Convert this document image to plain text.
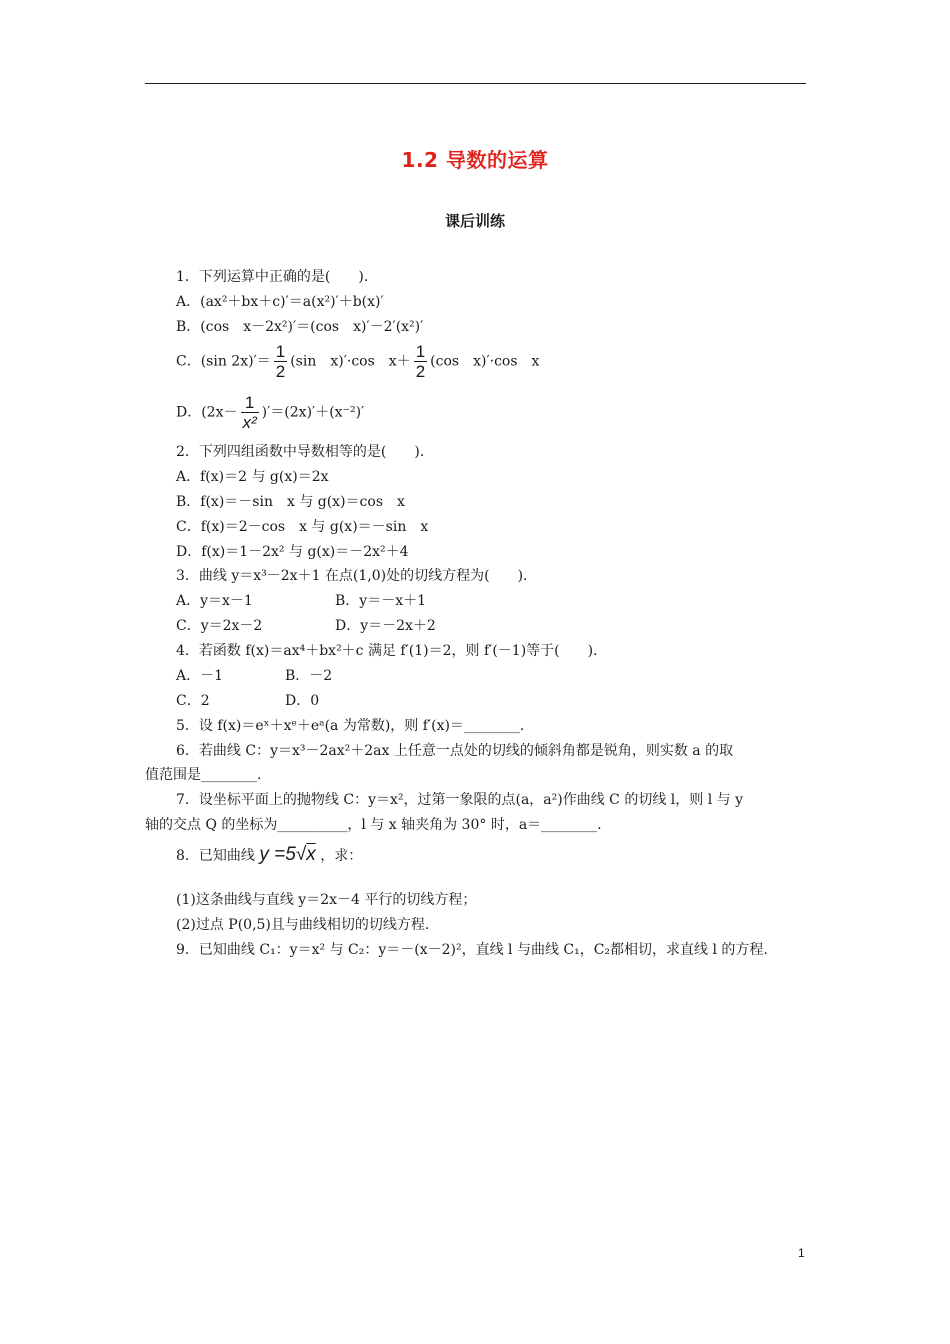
1.2 导数的运算
课后训练
1．下列运算中正确的是(　　)．
A．(ax²＋bx＋c)′＝a(x²)′＋b(x)′
B．(cos　x－2x²)′＝(cos　x)′－2′(x²)′
C．(sin $2x)'= \frac{1}{2} (\sin$　x)′·cos　$x+ \frac{1}{2} (\cos$　x)′·cos　x
D．$(2x- \frac{1}{\text{x²}} )'=(2x)'+(x^{-2})'$
2．下列四组函数中导数相等的是(　　)．
A．f(x)＝2 与 g(x)＝2x
B．f(x)＝－sin　x 与 g(x)＝cos　x
C．f(x)＝2－cos　x 与 g(x)＝－sin　x
D．f(x)＝1－2x² 与 g(x)＝－2x²＋4
3．曲线 y＝x³－2x＋1 在点(1,0)处的切线方程为(　　)．
A．y＝x－1	B．y＝－x＋1
C．y＝2x－2	D．y＝－2x＋2
4．若函数 f(x)＝ax⁴＋bx²＋c 满足 f′(1)＝2，则 f′(－1)等于(　　)．
A．－1	B．－2
C．2	D．0
5．设 f(x)＝eˣ＋xᵉ＋eᵃ(a 为常数)，则 f′(x)＝________.
6．若曲线 C：y＝x³－2ax²＋2ax 上任意一点处的切线的倾斜角都是锐角，则实数 a 的取
值范围是________.
7．设坐标平面上的抛物线 C：y＝x²，过第一象限的点(a，a²)作曲线 C 的切线 l，则 l 与 y
轴的交点 Q 的坐标为__________，l 与 x 轴夹角为 30° 时，a＝________.
8．已知曲线 y =5√x ，求：
(1)这条曲线与直线 y＝2x－4 平行的切线方程；
(2)过点 P(0,5)且与曲线相切的切线方程.
9．已知曲线 C₁：y＝x² 与 C₂：y＝－(x－2)²，直线 l 与曲线 C₁，C₂都相切，求直线 l 的方程.
1
